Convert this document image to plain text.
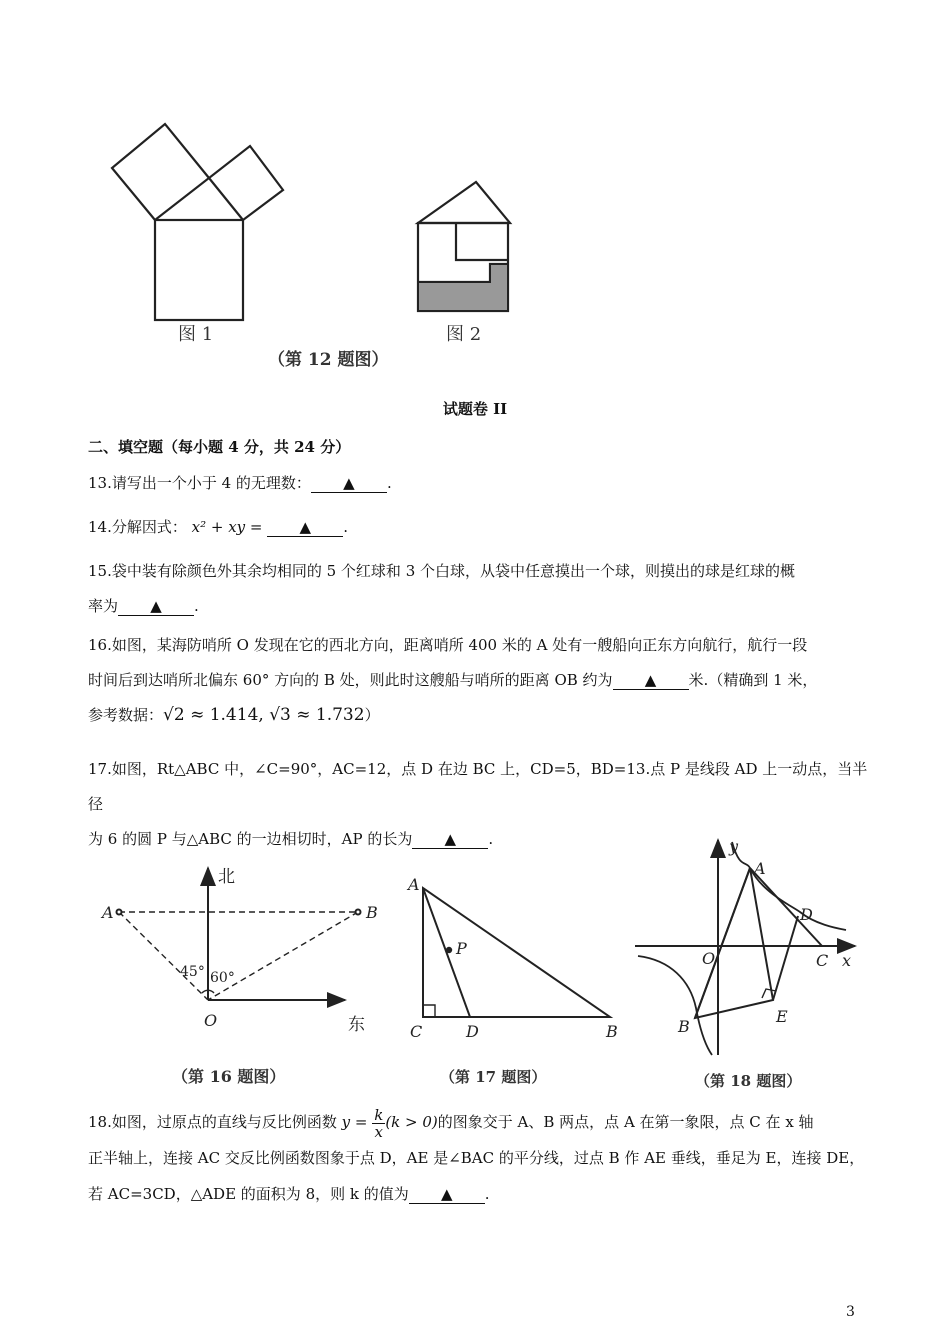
图 1	图 2
（第 12 题图）
试题卷 II
二、填空题（每小题 4 分，共 24 分）
13.请写出一个小于 4 的无理数： ▲ .
14.分解因式： x² + xy = ▲ .
15.袋中装有除颜色外其余均相同的 5 个红球和 3 个白球，从袋中任意摸出一个球，则摸出的球是红球的概
率为 ▲ .
16.如图，某海防哨所 O 发现在它的西北方向，距离哨所 400 米的 A 处有一艘船向正东方向航行，航行一段
时间后到达哨所北偏东 60° 方向的 B 处，则此时这艘船与哨所的距离 OB 约为 ▲ 米.（精确到 1 米，
参考数据：√2 ≈ 1.414, √3 ≈ 1.732）
17.如图，Rt△ABC 中，∠C=90°，AC=12，点 D 在边 BC 上，CD=5，BD=13.点 P 是线段 AD 上一动点，当半径
为 6 的圆 P 与△ABC 的一边相切时，AP 的长为 ▲ .
北
东
A	B
O
45° 60°
（第 16 题图）
A
C	D	B
P
（第 17 题图）
y
x
A
D
C
O
E
B
（第 18 题图）
18.如图，过原点的直线与反比例函数 $y = \frac{k}{x} (k > 0)$的图象交于 A、B 两点，点 A 在第一象限，点 C 在 x 轴
正半轴上，连接 AC 交反比例函数图象于点 D，AE 是∠BAC 的平分线，过点 B 作 AE 垂线，垂足为 E，连接 DE，
若 AC=3CD，△ADE 的面积为 8，则 k 的值为 ▲ .
3
